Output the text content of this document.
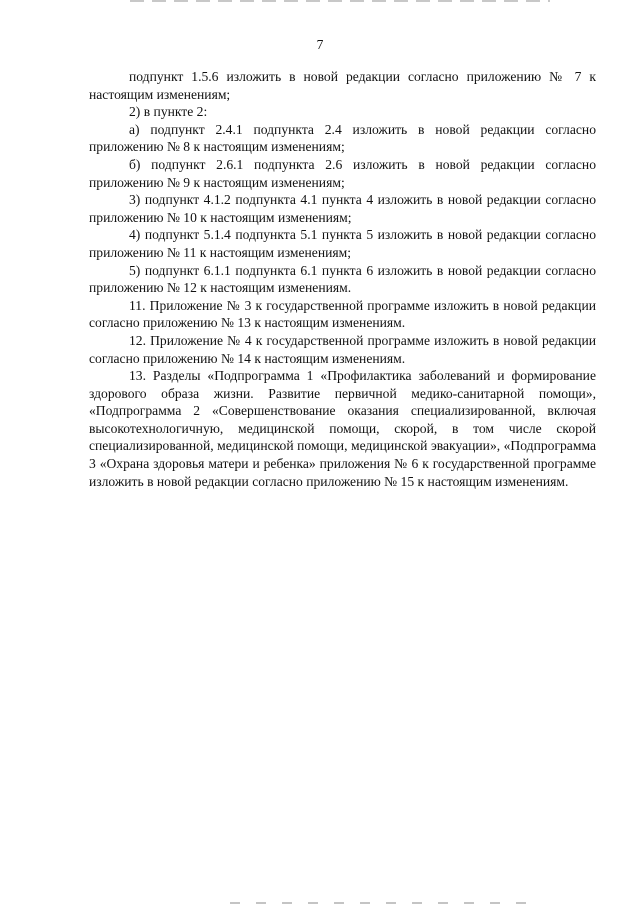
7

подпункт 1.5.6 изложить в новой редакции согласно приложению № 7 к настоящим изменениям;

2) в пункте 2:

а) подпункт 2.4.1 подпункта 2.4 изложить в новой редакции согласно приложению № 8 к настоящим изменениям;

б) подпункт 2.6.1 подпункта 2.6 изложить в новой редакции согласно приложению № 9 к настоящим изменениям;

3) подпункт 4.1.2 подпункта 4.1 пункта 4 изложить в новой редакции согласно приложению № 10 к настоящим изменениям;

4) подпункт 5.1.4 подпункта 5.1 пункта 5 изложить в новой редакции согласно приложению № 11 к настоящим изменениям;

5) подпункт 6.1.1 подпункта 6.1 пункта 6 изложить в новой редакции согласно приложению № 12 к настоящим изменениям.

11. Приложение № 3 к государственной программе изложить в новой редакции согласно приложению № 13 к настоящим изменениям.

12. Приложение № 4 к государственной программе изложить в новой редакции согласно приложению № 14 к настоящим изменениям.

13. Разделы «Подпрограмма 1 «Профилактика заболеваний и формирование здорового образа жизни. Развитие первичной медико-санитарной помощи», «Подпрограмма 2 «Совершенствование оказания специализированной, включая высокотехнологичную, медицинской помощи, скорой, в том числе скорой специализированной, медицинской помощи, медицинской эвакуации», «Подпрограмма 3 «Охрана здоровья матери и ребенка» приложения № 6 к государственной программе изложить в новой редакции согласно приложению № 15 к настоящим изменениям.
